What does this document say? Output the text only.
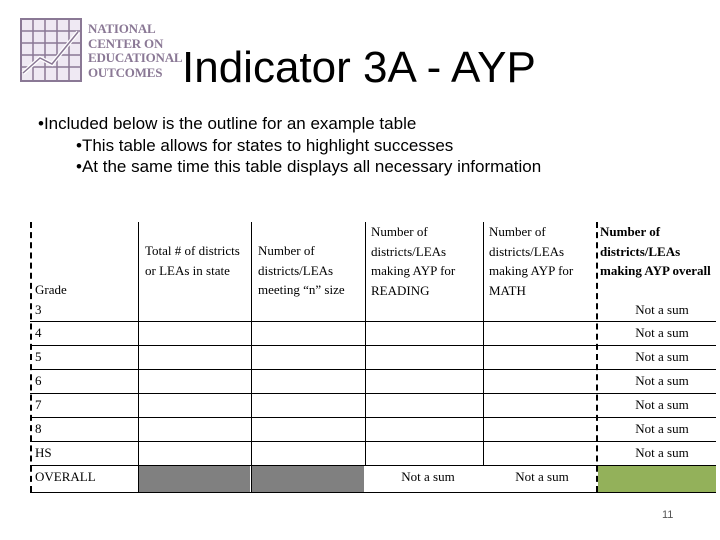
NATIONAL
CENTER ON
EDUCATIONAL
OUTCOMES Indicator 3A - AYP
•Included below is the outline for an example table
•This table allows for states to highlight successes
•At the same time this table displays all necessary information
Grade
Total # of districts or LEAs in state
Number of districts/LEAs meeting “n” size
Number of districts/LEAs making AYP for READING
Number of districts/LEAs making AYP for MATH
Number of districts/LEAs making AYP overall
3
4
5
6
7
8
HS
OVERALL
Not a sum
Not a sum
Not a sum
Not a sum
Not a sum
Not a sum
Not a sum
Not a sum	Not a sum
11
